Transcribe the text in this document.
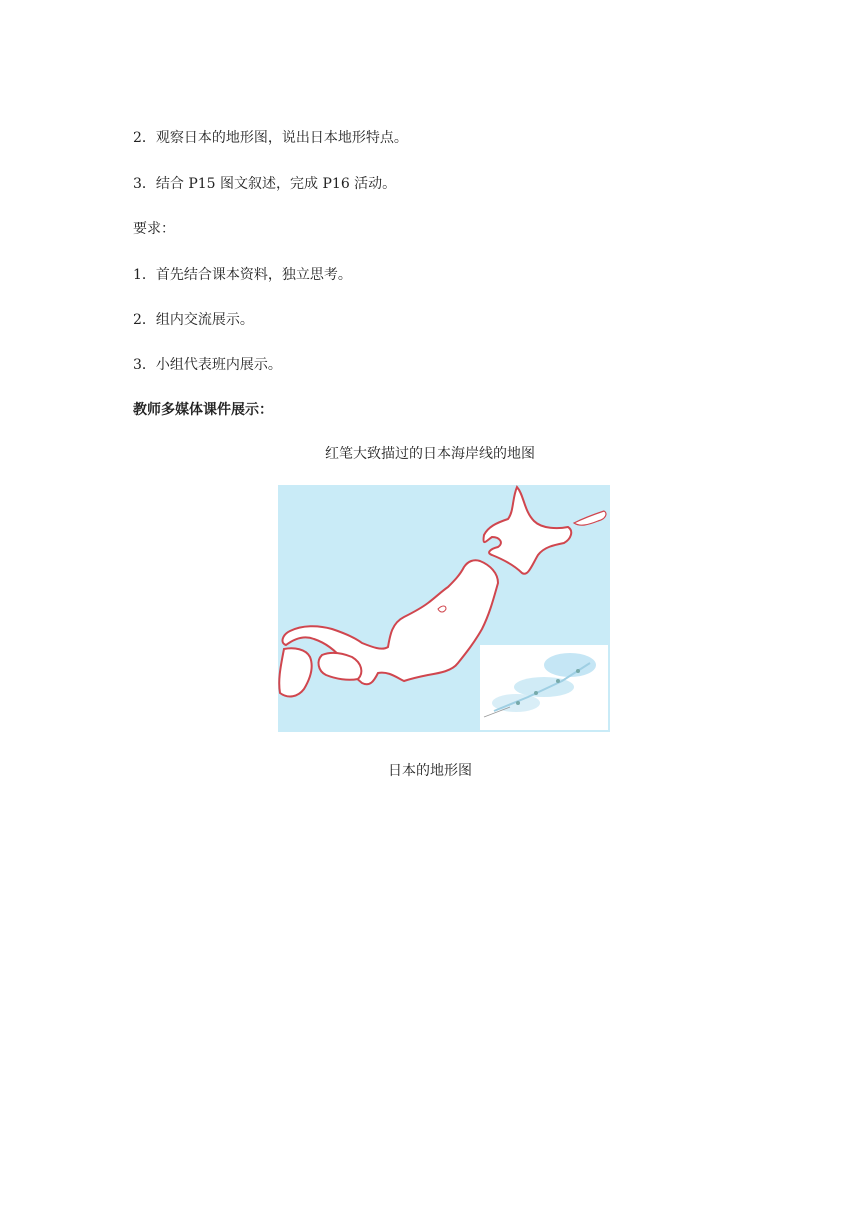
2．观察日本的地形图，说出日本地形特点。
3．结合 P15 图文叙述，完成 P16 活动。
要求：
1．首先结合课本资料，独立思考。
2．组内交流展示。
3．小组代表班内展示。
教师多媒体课件展示：
红笔大致描过的日本海岸线的地图
日本的地形图
